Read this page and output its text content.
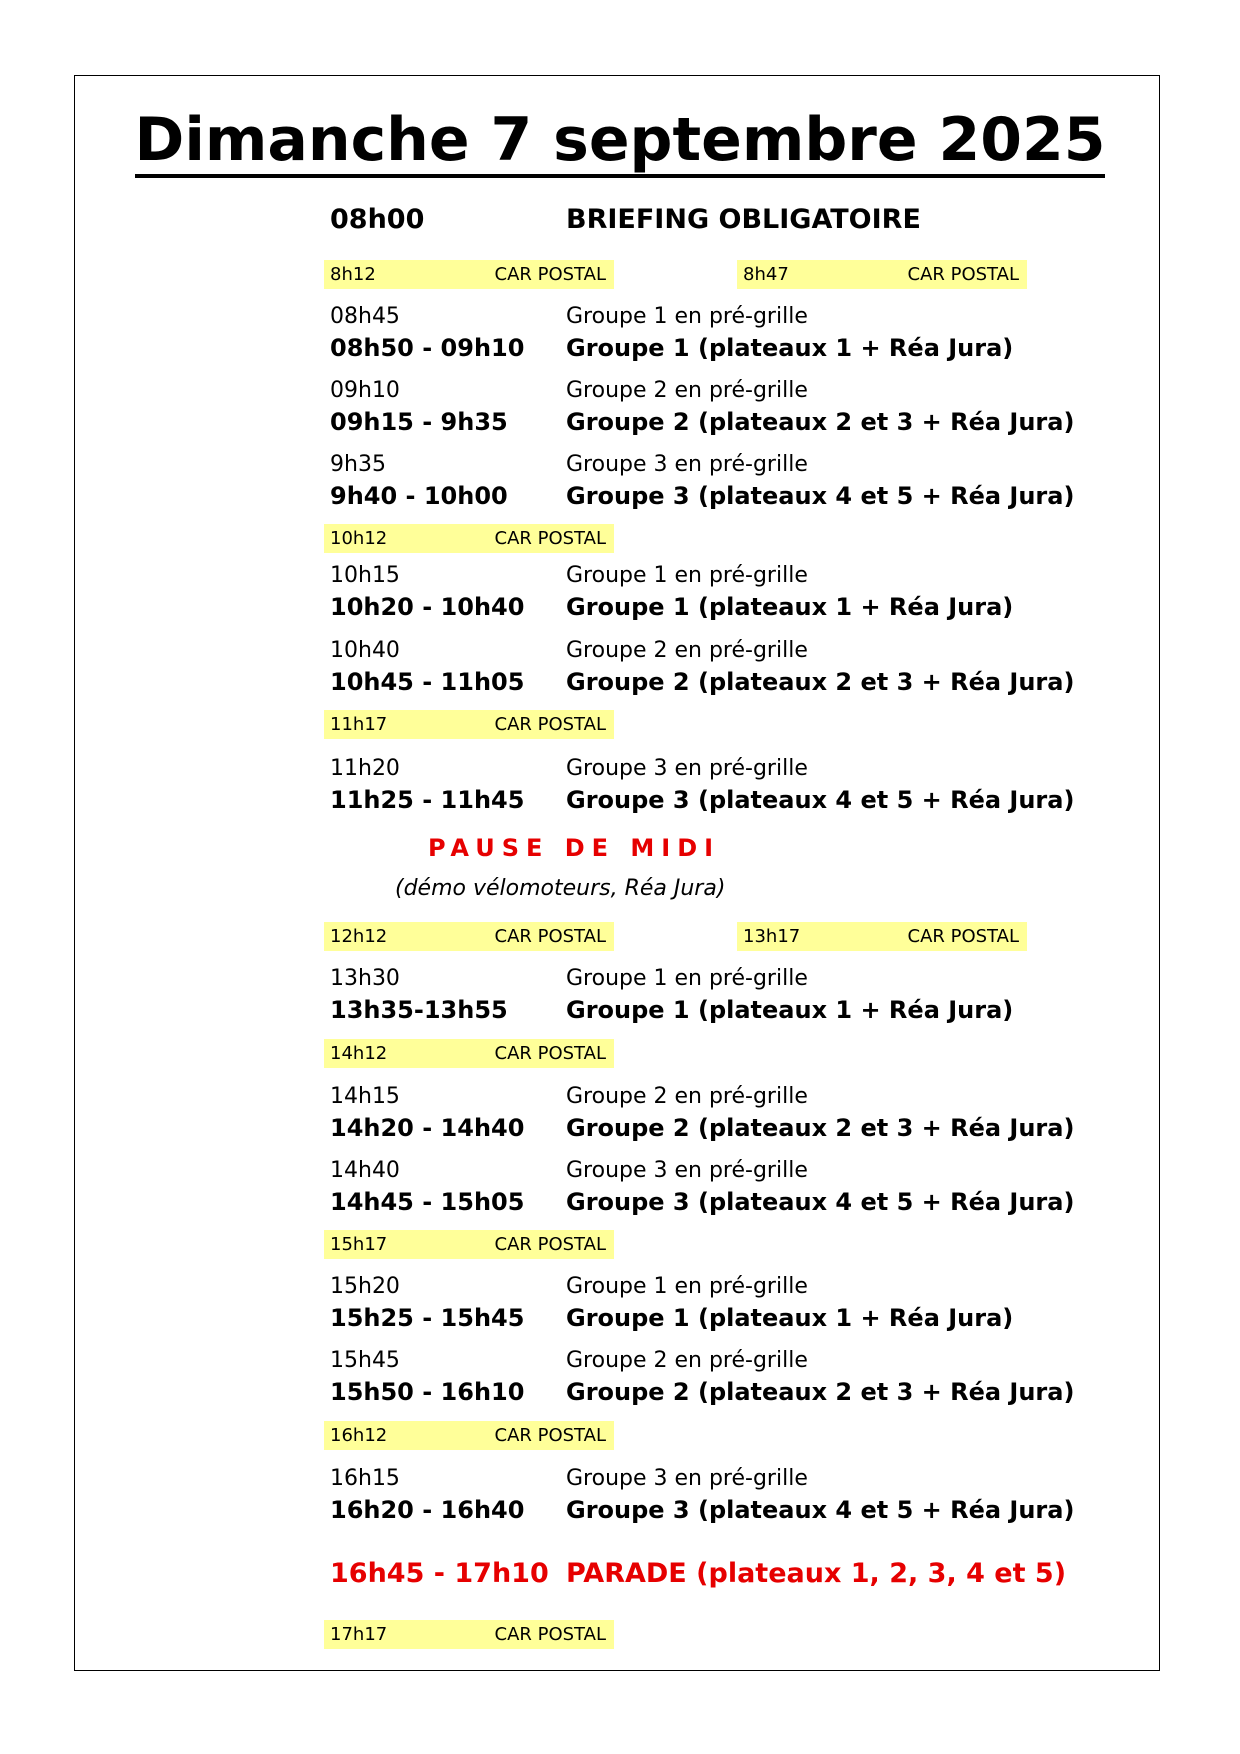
Dimanche 7 septembre 2025
08h00	BRIEFING OBLIGATOIRE
8h12	CAR POSTAL	8h47	CAR POSTAL
08h45	Groupe 1 en pré-grille
08h50 - 09h10 Groupe 1 (plateaux 1 + Réa Jura)
09h10	Groupe 2 en pré-grille
09h15 - 9h35 Groupe 2 (plateaux 2 et 3 + Réa Jura)
9h35	Groupe 3 en pré-grille
9h40 - 10h00 Groupe 3 (plateaux 4 et 5 + Réa Jura)
10h12	CAR POSTAL
10h15	Groupe 1 en pré-grille
10h20 - 10h40 Groupe 1 (plateaux 1 + Réa Jura)
10h40	Groupe 2 en pré-grille
10h45 - 11h05 Groupe 2 (plateaux 2 et 3 + Réa Jura)
11h17	CAR POSTAL
11h20	Groupe 3 en pré-grille
11h25 - 11h45 Groupe 3 (plateaux 4 et 5 + Réa Jura)
PAUSE DE MIDI
(démo vélomoteurs, Réa Jura)
12h12	CAR POSTAL	13h17	CAR POSTAL
13h30	Groupe 1 en pré-grille
13h35-13h55 Groupe 1 (plateaux 1 + Réa Jura)
14h12	CAR POSTAL
14h15	Groupe 2 en pré-grille
14h20 - 14h40 Groupe 2 (plateaux 2 et 3 + Réa Jura)
14h40	Groupe 3 en pré-grille
14h45 - 15h05 Groupe 3 (plateaux 4 et 5 + Réa Jura)
15h17	CAR POSTAL
15h20	Groupe 1 en pré-grille
15h25 - 15h45 Groupe 1 (plateaux 1 + Réa Jura)
15h45	Groupe 2 en pré-grille
15h50 - 16h10 Groupe 2 (plateaux 2 et 3 + Réa Jura)
16h12	CAR POSTAL
16h15	Groupe 3 en pré-grille
16h20 - 16h40 Groupe 3 (plateaux 4 et 5 + Réa Jura)
16h45 - 17h10 PARADE (plateaux 1, 2, 3, 4 et 5)
17h17	CAR POSTAL
